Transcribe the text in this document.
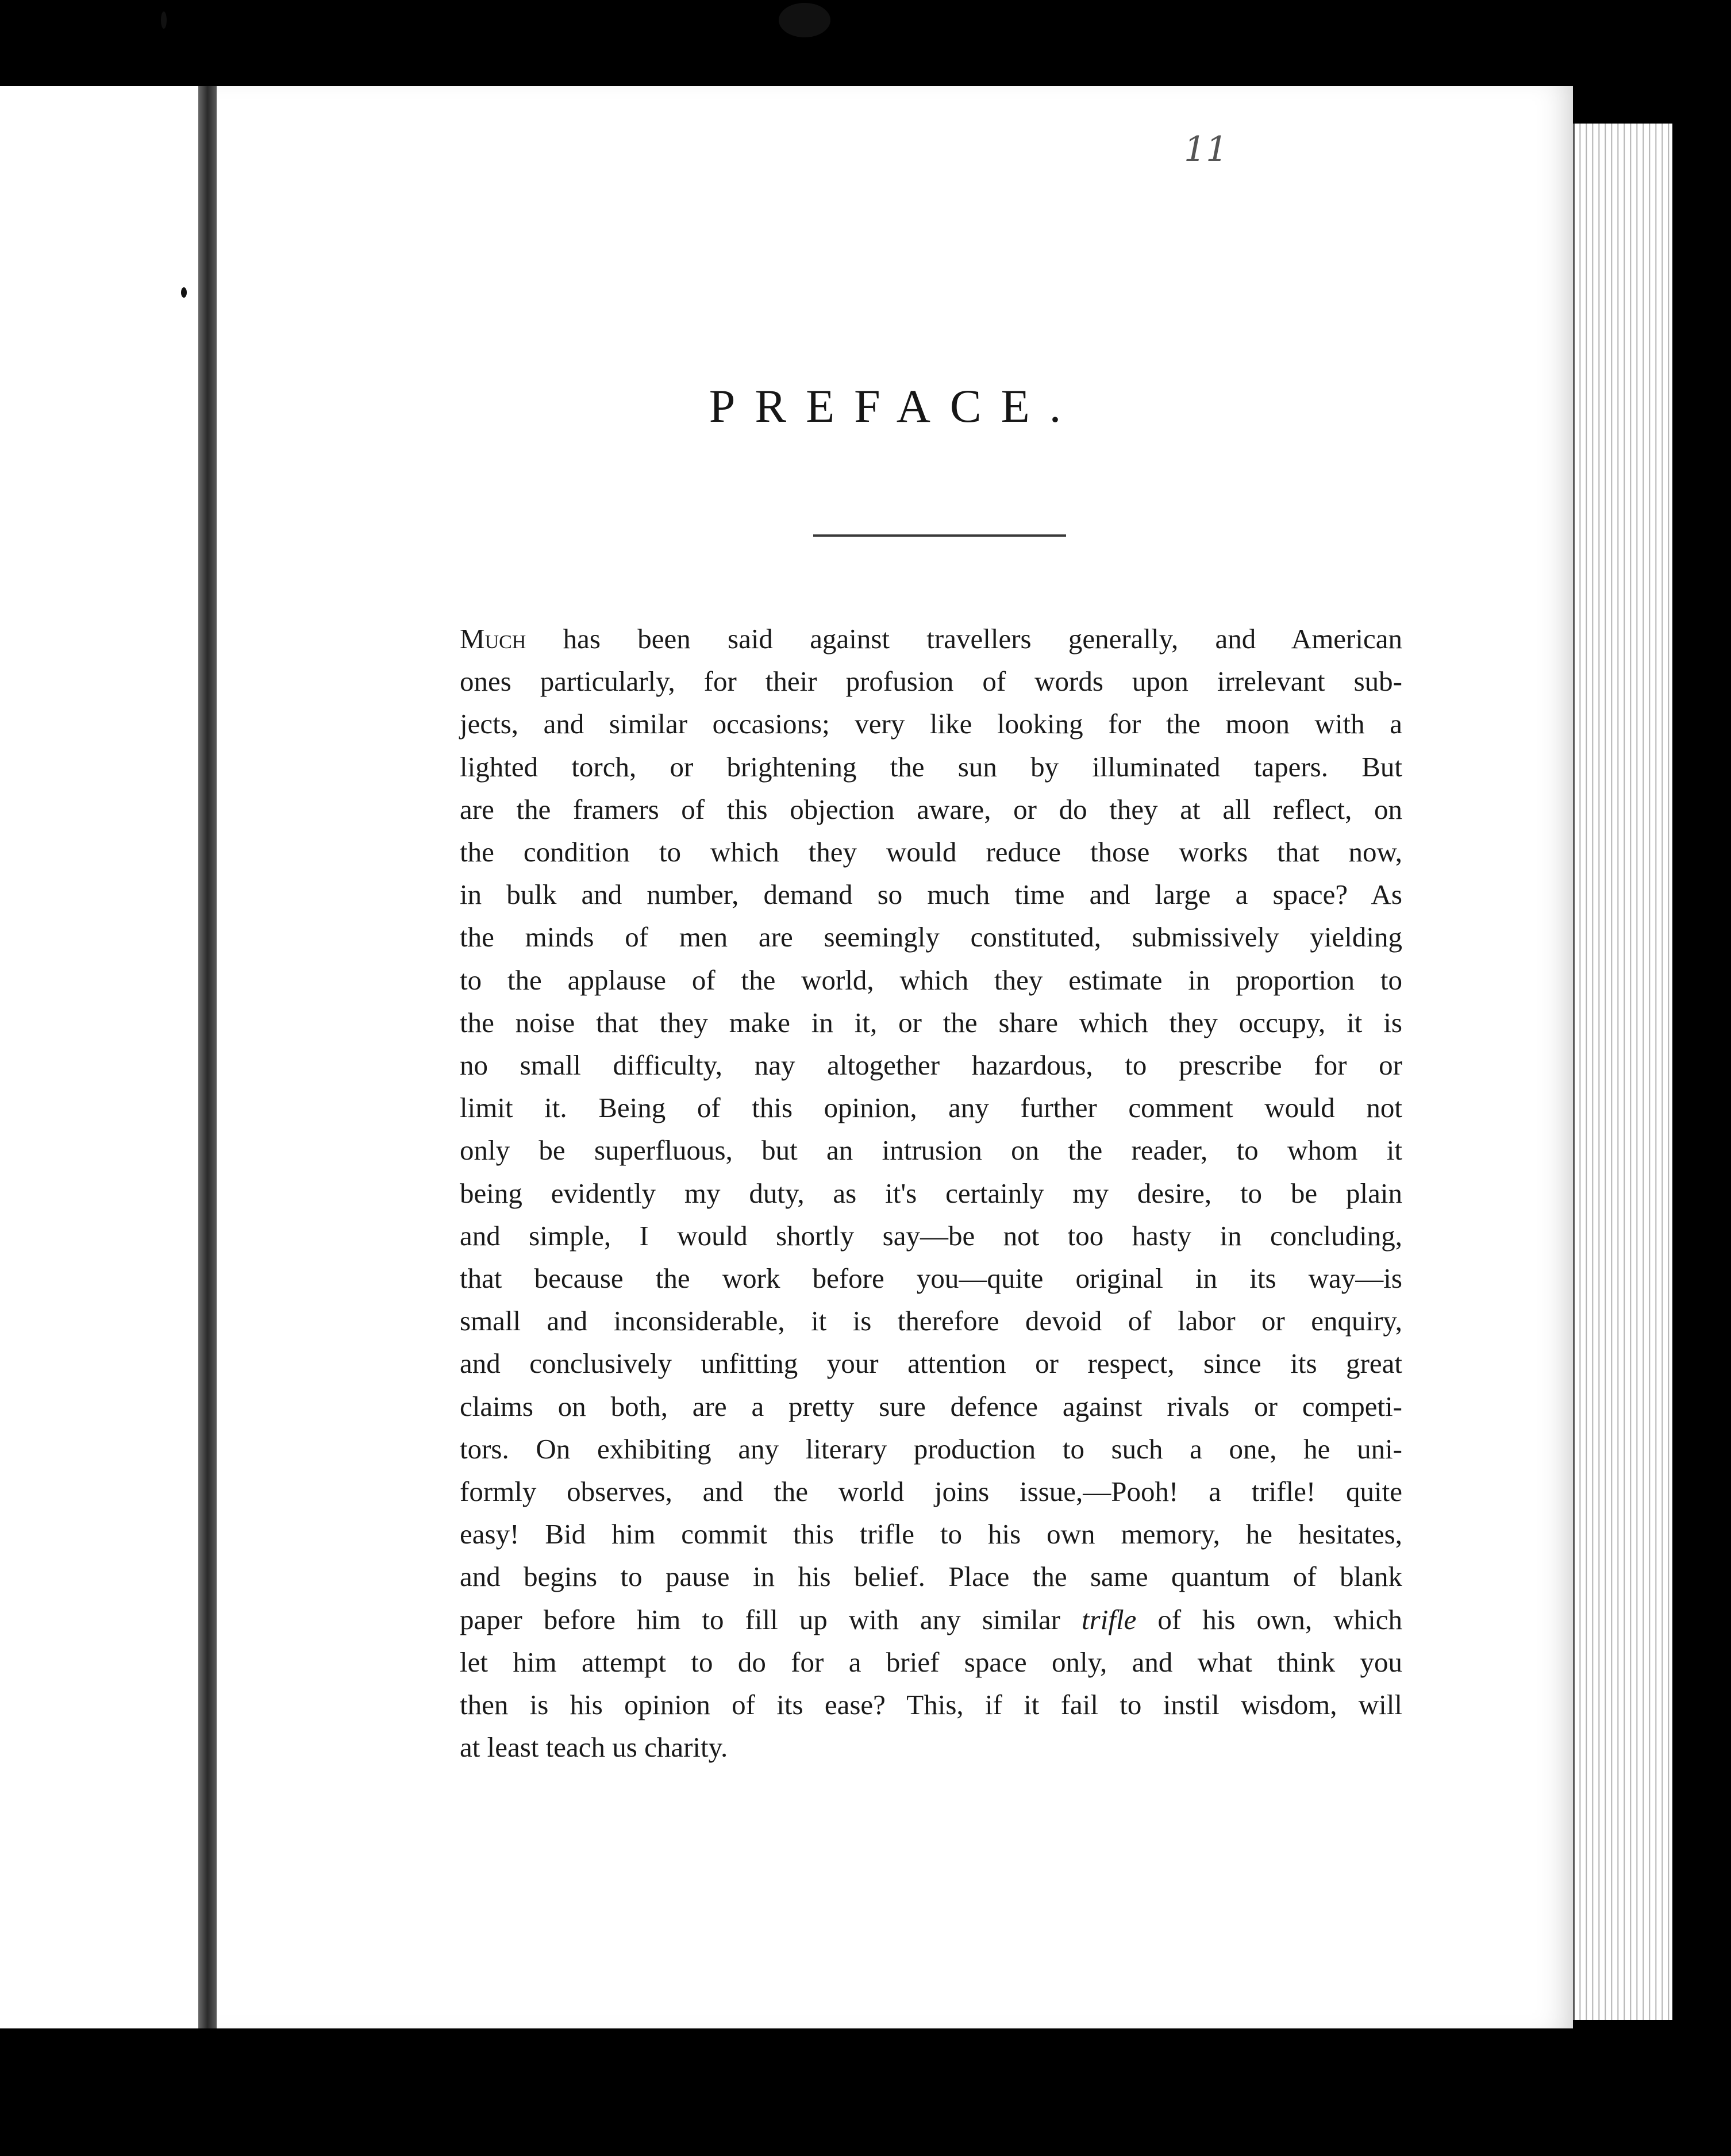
11
PREFACE.
Much has been said against travellers generally, and American
ones particularly, for their profusion of words upon irrelevant sub-
jects, and similar occasions; very like looking for the moon with a
lighted torch, or brightening the sun by illuminated tapers. But
are the framers of this objection aware, or do they at all reflect, on
the condition to which they would reduce those works that now,
in bulk and number, demand so much time and large a space? As
the minds of men are seemingly constituted, submissively yielding
to the applause of the world, which they estimate in proportion to
the noise that they make in it, or the share which they occupy, it is
no small difficulty, nay altogether hazardous, to prescribe for or
limit it. Being of this opinion, any further comment would not
only be superfluous, but an intrusion on the reader, to whom it
being evidently my duty, as it's certainly my desire, to be plain
and simple, I would shortly say—be not too hasty in concluding,
that because the work before you—quite original in its way—is
small and inconsiderable, it is therefore devoid of labor or enquiry,
and conclusively unfitting your attention or respect, since its great
claims on both, are a pretty sure defence against rivals or competi-
tors. On exhibiting any literary production to such a one, he uni-
formly observes, and the world joins issue,—Pooh! a trifle! quite
easy! Bid him commit this trifle to his own memory, he hesitates,
and begins to pause in his belief. Place the same quantum of blank
paper before him to fill up with any similar trifle of his own, which
let him attempt to do for a brief space only, and what think you
then is his opinion of its ease? This, if it fail to instil wisdom, will
at least teach us charity.
